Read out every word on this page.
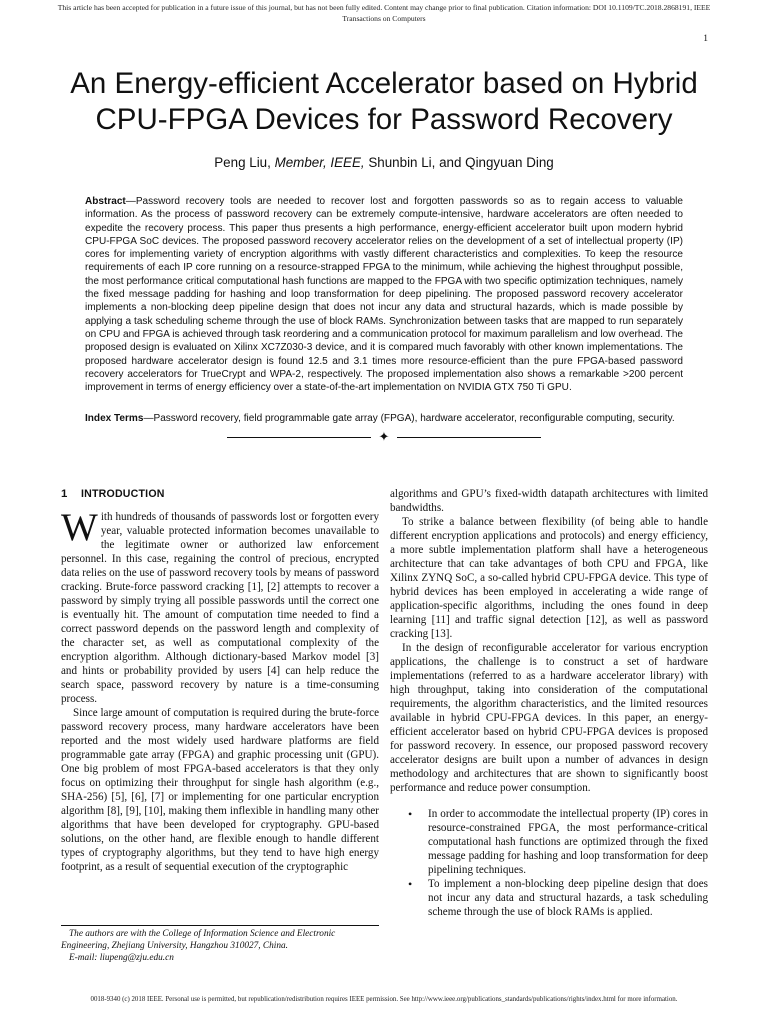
This article has been accepted for publication in a future issue of this journal, but has not been fully edited. Content may change prior to final publication. Citation information: DOI 10.1109/TC.2018.2868191, IEEE
Transactions on Computers
1
An Energy-efficient Accelerator based on Hybrid
CPU-FPGA Devices for Password Recovery
Peng Liu, Member, IEEE, Shunbin Li, and Qingyuan Ding

Abstract—Password recovery tools are needed to recover lost and forgotten passwords so as to regain access to valuable information. As the process of password recovery can be extremely compute-intensive, hardware accelerators are often needed to expedite the recovery process. This paper thus presents a high performance, energy-efficient accelerator built upon modern hybrid CPU-FPGA SoC devices. The proposed password recovery accelerator relies on the development of a set of intellectual property (IP) cores for implementing variety of encryption algorithms with vastly different characteristics and complexities. To keep the resource requirements of each IP core running on a resource-strapped FPGA to the minimum, while achieving the highest throughput possible, the most performance critical computational hash functions are mapped to the FPGA with two specific optimization techniques, namely the fixed message padding for hashing and loop transformation for deep pipelining. The proposed password recovery accelerator implements a non-blocking deep pipeline design that does not incur any data and structural hazards, which is made possible by applying a task scheduling scheme through the use of block RAMs. Synchronization between tasks that are mapped to run separately on CPU and FPGA is achieved through task reordering and a communication protocol for maximum parallelism and low overhead. The proposed design is evaluated on Xilinx XC7Z030-3 device, and it is compared much favorably with other known implementations. The proposed hardware accelerator design is found 12.5 and 3.1 times more resource-efficient than the pure FPGA-based password recovery accelerators for TrueCrypt and WPA-2, respectively. The proposed implementation also shows a remarkable >200 percent improvement in terms of energy efficiency over a state-of-the-art implementation on NVIDIA GTX 750 Ti GPU.

Index Terms—Password recovery, field programmable gate array (FPGA), hardware accelerator, reconfigurable computing, security.

✦
1 INTRODUCTION

With hundreds of thousands of passwords lost or forgotten every year, valuable protected information becomes unavailable to the legitimate owner or authorized law enforcement personnel. In this case, regaining the control of precious, encrypted data relies on the use of password recovery tools by means of password cracking. Brute-force password cracking [1], [2] attempts to recover a password by simply trying all possible passwords until the correct one is eventually hit. The amount of computation time needed to find a correct password depends on the password length and complexity of the character set, as well as computational complexity of the encryption algorithm. Although dictionary-based Markov model [3] and hints or probability provided by users [4] can help reduce the search space, password recovery by nature is a time-consuming process.

Since large amount of computation is required during the brute-force password recovery process, many hardware accelerators have been reported and the most widely used hardware platforms are field programmable gate array (FPGA) and graphic processing unit (GPU). One big problem of most FPGA-based accelerators is that they only focus on optimizing their throughput for single hash algorithm (e.g., SHA-256) [5], [6], [7] or implementing for one particular encryption algorithm [8], [9], [10], making them inflexible in handling many other algorithms that have been developed for cryptography. GPU-based solutions, on the other hand, are flexible enough to handle different types of cryptography algorithms, but they tend to have high energy footprint, as a result of sequential execution of the cryptographic

algorithms and GPU’s fixed-width datapath architectures with limited bandwidths.

To strike a balance between flexibility (of being able to handle different encryption applications and protocols) and energy efficiency, a more subtle implementation platform shall have a heterogeneous architecture that can take advantages of both CPU and FPGA, like Xilinx ZYNQ SoC, a so-called hybrid CPU-FPGA device. This type of hybrid devices has been employed in accelerating a wide range of application-specific algorithms, including the ones found in deep learning [11] and traffic signal detection [12], as well as password cracking [13].

In the design of reconfigurable accelerator for various encryption applications, the challenge is to construct a set of hardware implementations (referred to as a hardware accelerator library) with high throughput, taking into consideration of the computational requirements, the algorithm characteristics, and the limited resources available in hybrid CPU-FPGA devices. In this paper, an energy-efficient accelerator based on hybrid CPU-FPGA devices is proposed for password recovery. In essence, our proposed password recovery accelerator designs are built upon a number of advances in design methodology and architectures that are shown to significantly boost performance and reduce power consumption.

• In order to accommodate the intellectual property (IP) cores in resource-constrained FPGA, the most performance-critical computational hash functions are optimized through the fixed message padding for hashing and loop transformation for deep pipelining techniques.
• To implement a non-blocking deep pipeline design that does not incur any data and structural hazards, a task scheduling scheme through the use of block RAMs is applied.

The authors are with the College of Information Science and Electronic Engineering, Zhejiang University, Hangzhou 310027, China.
E-mail: liupeng@zju.edu.cn

0018-9340 (c) 2018 IEEE. Personal use is permitted, but republication/redistribution requires IEEE permission. See http://www.ieee.org/publications_standards/publications/rights/index.html for more information.
